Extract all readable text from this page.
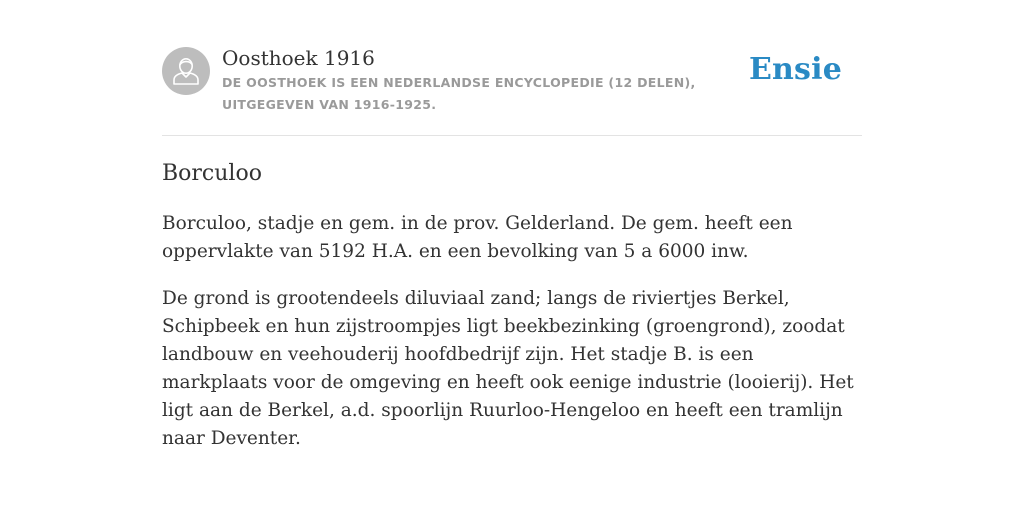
Oosthoek 1916
DE OOSTHOEK IS EEN NEDERLANDSE ENCYCLOPEDIE (12 DELEN), UITGEGEVEN VAN 1916-1925.
Ensie
Borculoo

Borculoo, stadje en gem. in de prov. Gelderland. De gem. heeft een oppervlakte van 5192 H.A. en een bevolking van 5 a 6000 inw.

De grond is grootendeels diluviaal zand; langs de riviertjes Berkel, Schipbeek en hun zijstroompjes ligt beekbezinking (groengrond), zoodat landbouw en veehouderij hoofdbedrijf zijn. Het stadje B. is een markplaats voor de omgeving en heeft ook eenige industrie (looierij). Het ligt aan de Berkel, a.d. spoorlijn Ruurloo-Hengeloo en heeft een tramlijn naar Deventer.
